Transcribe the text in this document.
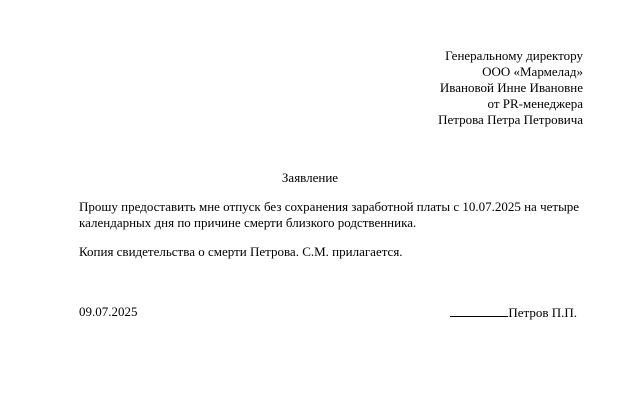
Генеральному директору
ООО «Мармелад»
Ивановой Инне Ивановне
от PR-менеджера
Петрова Петра Петровича
Заявление
Прошу предоставить мне отпуск без сохранения заработной платы с 10.07.2025 на четыре
календарных дня по причине смерти близкого родственника.
Копия свидетельства о смерти Петрова. С.М. прилагается.
09.07.2025	Петров П.П.
